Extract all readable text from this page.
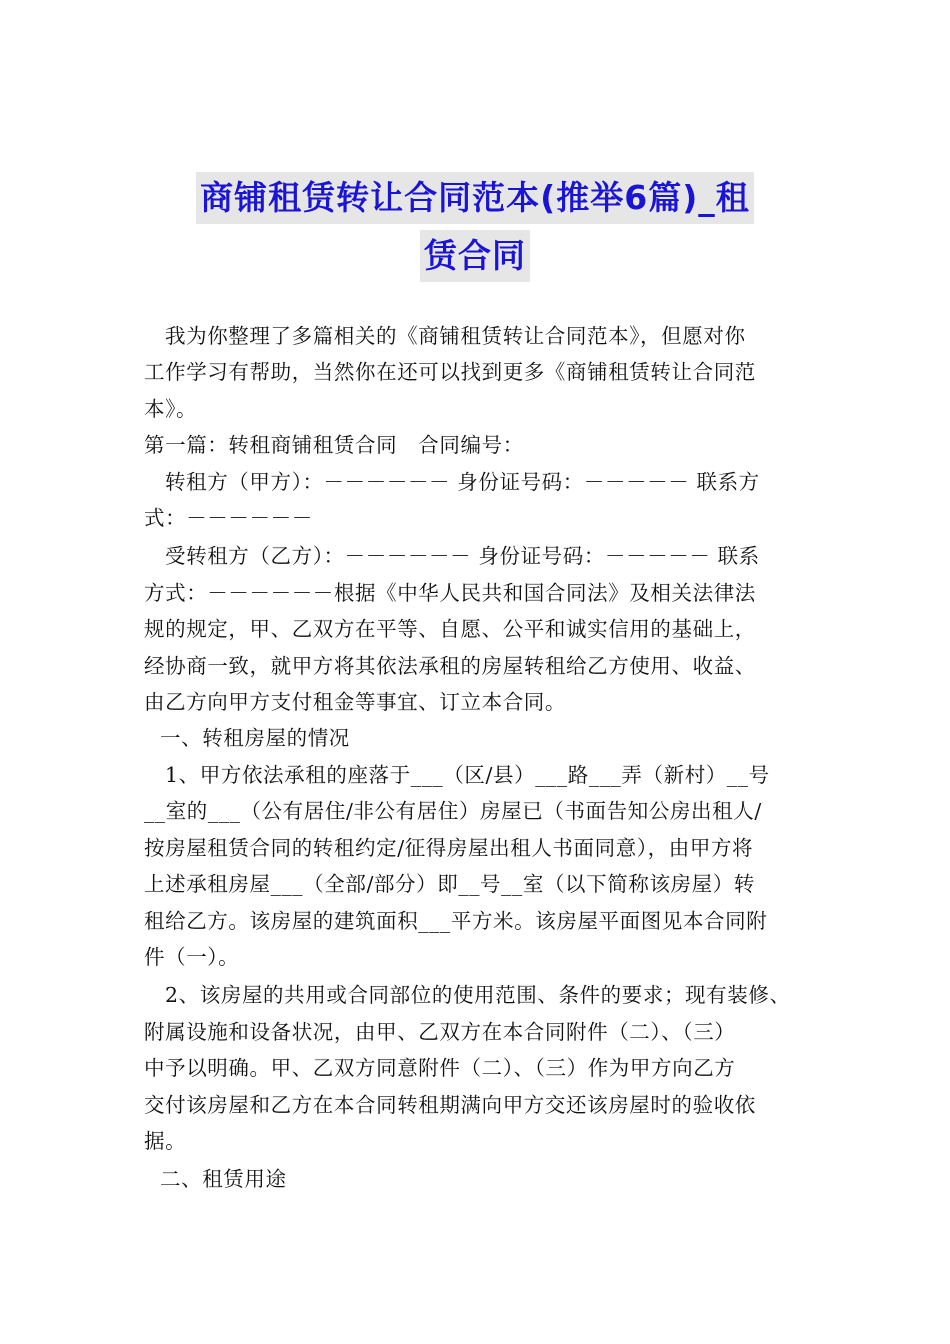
商铺租赁转让合同范本(推举6篇)_租
赁合同

我为你整理了多篇相关的《商铺租赁转让合同范本》，但愿对你

工作学习有帮助，当然你在还可以找到更多《商铺租赁转让合同范

本》。

第一篇：转租商铺租赁合同　合同编号：

转租方（甲方）：－－－－－－ 身份证号码：－－－－－ 联系方

式：－－－－－－

受转租方（乙方）：－－－－－－ 身份证号码：－－－－－ 联系

方式：－－－－－－根据《中华人民共和国合同法》及相关法律法

规的规定，甲、乙双方在平等、自愿、公平和诚实信用的基础上，

经协商一致，就甲方将其依法承租的房屋转租给乙方使用、收益、

由乙方向甲方支付租金等事宜、订立本合同。

一、转租房屋的情况

1、甲方依法承租的座落于___（区/县）___路___弄（新村）__号

__室的___（公有居住/非公有居住）房屋已（书面告知公房出租人/

按房屋租赁合同的转租约定/征得房屋出租人书面同意），由甲方将

上述承租房屋___（全部/部分）即__号__室（以下简称该房屋）转

租给乙方。该房屋的建筑面积___平方米。该房屋平面图见本合同附

件（一）。

2、该房屋的共用或合同部位的使用范围、条件的要求；现有装修、

附属设施和设备状况，由甲、乙双方在本合同附件（二）、（三）

中予以明确。甲、乙双方同意附件（二）、（三）作为甲方向乙方

交付该房屋和乙方在本合同转租期满向甲方交还该房屋时的验收依

据。

二、租赁用途
